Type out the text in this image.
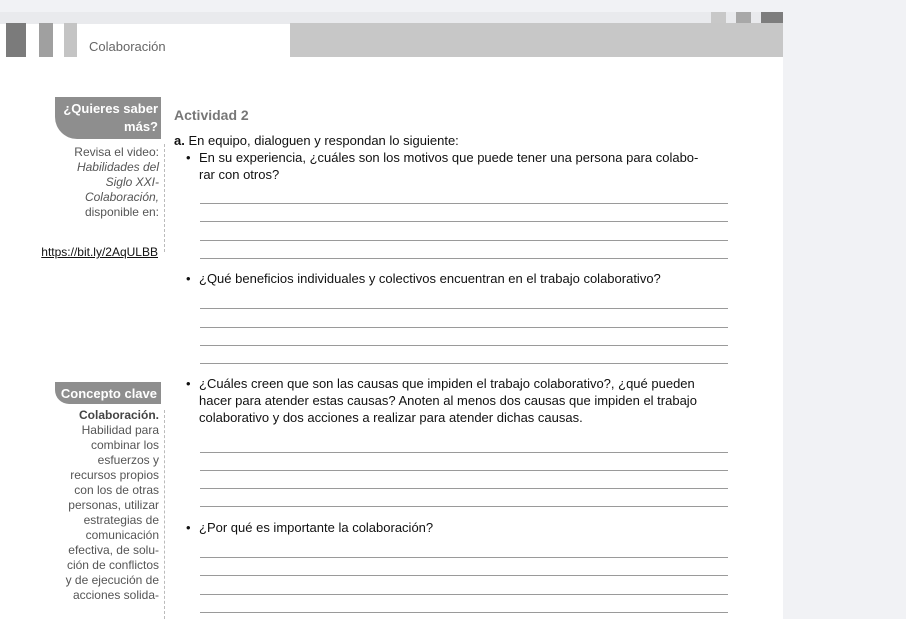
Colaboración
¿Quieres saber
más?
Revisa el video:
Habilidades del
Siglo XXI-
Colaboración,
disponible en:
https://bit.ly/2AqULBB
Concepto clave
Colaboración.
Habilidad para
combinar los
esfuerzos y
recursos propios
con los de otras
personas, utilizar
estrategias de
comunicación
efectiva, de solu-
ción de conflictos
y de ejecución de
acciones solida-
Actividad 2
a. En equipo, dialoguen y respondan lo siguiente:
• En su experiencia, ¿cuáles son los motivos que puede tener una persona para colabo-
rar con otros?
• ¿Qué beneficios individuales y colectivos encuentran en el trabajo colaborativo?
• ¿Cuáles creen que son las causas que impiden el trabajo colaborativo?, ¿qué pueden
hacer para atender estas causas? Anoten al menos dos causas que impiden el trabajo
colaborativo y dos acciones a realizar para atender dichas causas.
• ¿Por qué es importante la colaboración?
